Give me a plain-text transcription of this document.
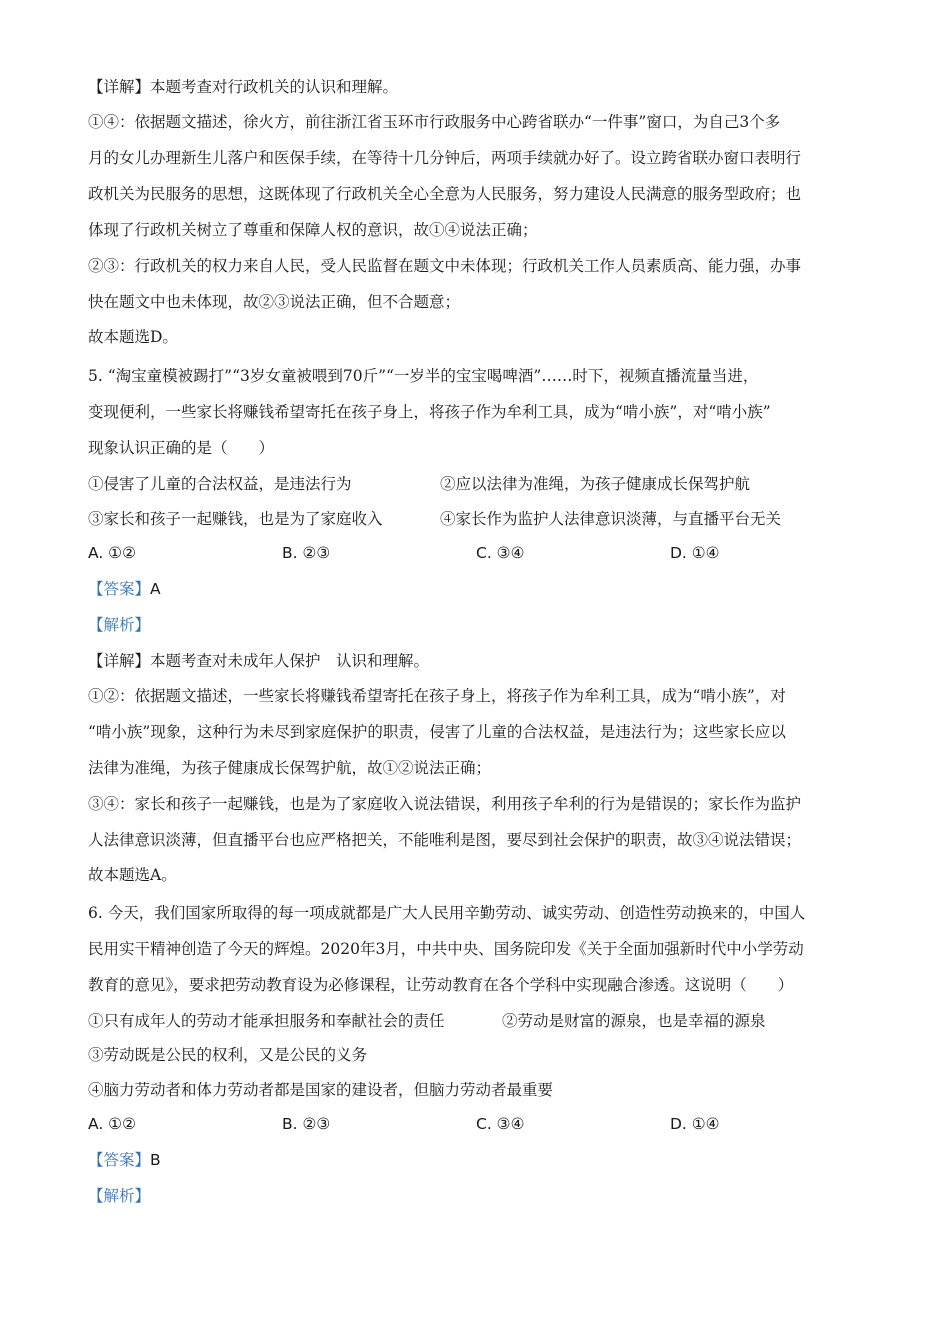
【详解】本题考查对行政机关的认识和理解。
①④：依据题文描述，徐火方，前往浙江省玉环市行政服务中心跨省联办“一件事”窗口，为自己3个多
月的女儿办理新生儿落户和医保手续，在等待十几分钟后，两项手续就办好了。设立跨省联办窗口表明行
政机关为民服务的思想，这既体现了行政机关全心全意为人民服务，努力建设人民满意的服务型政府；也
体现了行政机关树立了尊重和保障人权的意识，故①④说法正确；
②③：行政机关的权力来自人民，受人民监督在题文中未体现；行政机关工作人员素质高、能力强，办事
快在题文中也未体现，故②③说法正确，但不合题意；
故本题选D。
5. “淘宝童模被踢打”“3岁女童被喂到70斤”“一岁半的宝宝喝啤酒”……时下，视频直播流量当进，
变现便利，一些家长将赚钱希望寄托在孩子身上，将孩子作为牟利工具，成为“啃小族”，对“啃小族”
现象认识正确的是（　　）
①侵害了儿童的合法权益，是违法行为	②应以法律为准绳，为孩子健康成长保驾护航
③家长和孩子一起赚钱，也是为了家庭收入	④家长作为监护人法律意识淡薄，与直播平台无关
A. ①②	B. ②③	C. ③④	D. ①④
【答案】A
【解析】
【详解】本题考查对未成年人保护　认识和理解。
①②：依据题文描述，一些家长将赚钱希望寄托在孩子身上，将孩子作为牟利工具，成为“啃小族”，对
“啃小族”现象，这种行为未尽到家庭保护的职责，侵害了儿童的合法权益，是违法行为；这些家长应以
法律为准绳，为孩子健康成长保驾护航，故①②说法正确；
③④：家长和孩子一起赚钱，也是为了家庭收入说法错误，利用孩子牟利的行为是错误的；家长作为监护
人法律意识淡薄，但直播平台也应严格把关，不能唯利是图，要尽到社会保护的职责，故③④说法错误；
故本题选A。
6. 今天，我们国家所取得的每一项成就都是广大人民用辛勤劳动、诚实劳动、创造性劳动换来的，中国人
民用实干精神创造了今天的辉煌。2020年3月，中共中央、国务院印发《关于全面加强新时代中小学劳动
教育的意见》，要求把劳动教育设为必修课程，让劳动教育在各个学科中实现融合渗透。这说明（　　）
①只有成年人的劳动才能承担服务和奉献社会的责任	②劳动是财富的源泉，也是幸福的源泉
③劳动既是公民的权利，又是公民的义务
④脑力劳动者和体力劳动者都是国家的建设者，但脑力劳动者最重要
A. ①②	B. ②③	C. ③④	D. ①④
【答案】B
【解析】
